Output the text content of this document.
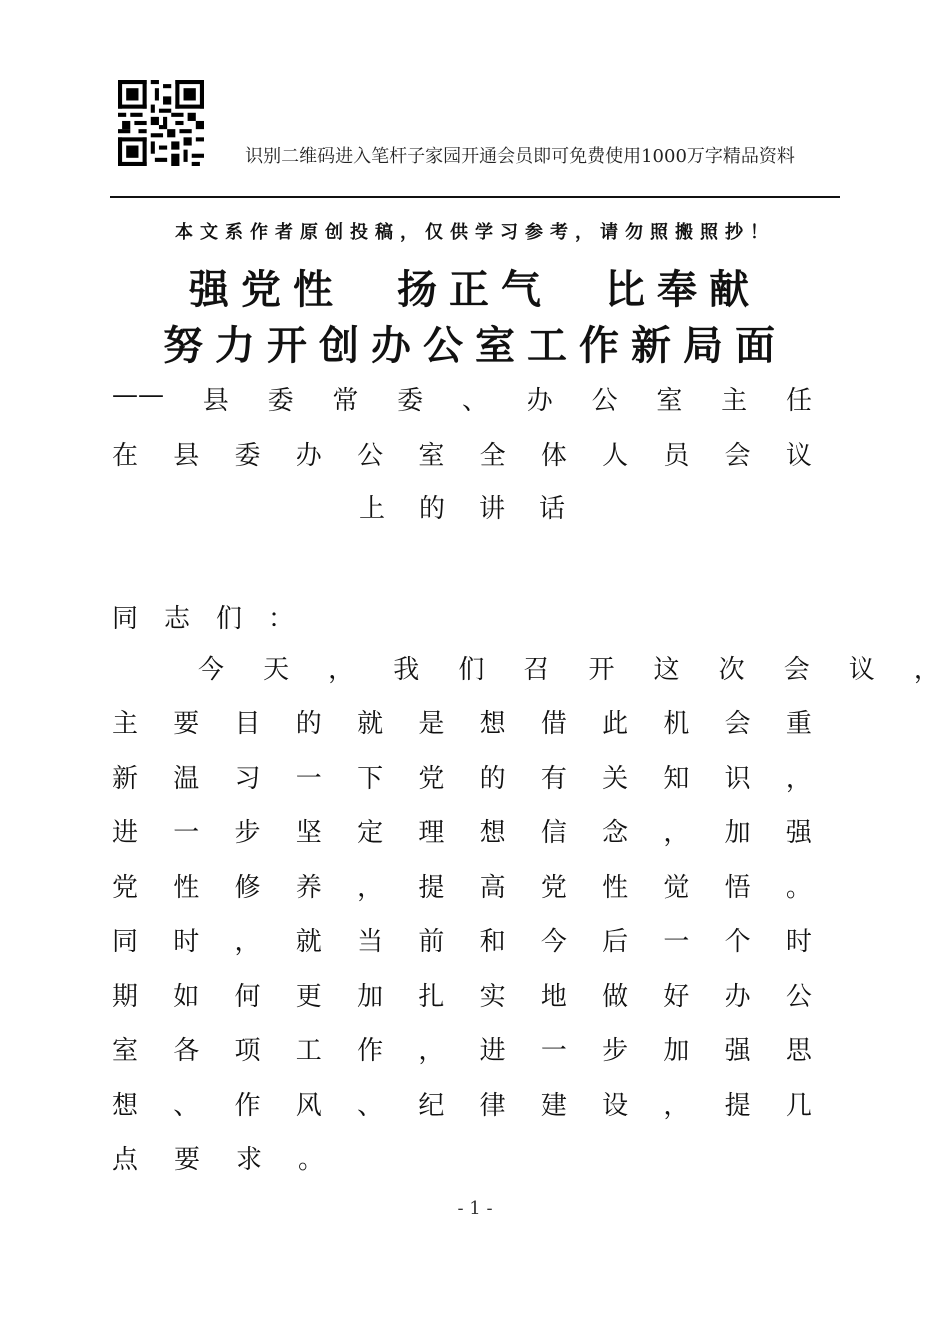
识别二维码进入笔杆子家园开通会员即可免费使用1000万字精品资料
本文系作者原创投稿，仅供学习参考，请勿照搬照抄！
强党性　扬正气　比奉献
努力开创办公室工作新局面
—— 县 委 常 委 、 办 公 室 主 任
在 县 委 办 公 室 全 体 人 员 会 议
上 的 讲 话
同志们：
今 天 ， 我 们 召 开 这 次 会 议 ，
主 要 目 的 就 是 想 借 此 机 会 重
新 温 习 一 下 党 的 有 关 知 识 ，
进 一 步 坚 定 理 想 信 念 ， 加 强
党 性 修 养 ， 提 高 党 性 觉 悟 。
同 时 ， 就 当 前 和 今 后 一 个 时
期 如 何 更 加 扎 实 地 做 好 办 公
室 各 项 工 作 ， 进 一 步 加 强 思
想 、 作 风 、 纪 律 建 设 ， 提 几
点 要 求 。
- 1 -
